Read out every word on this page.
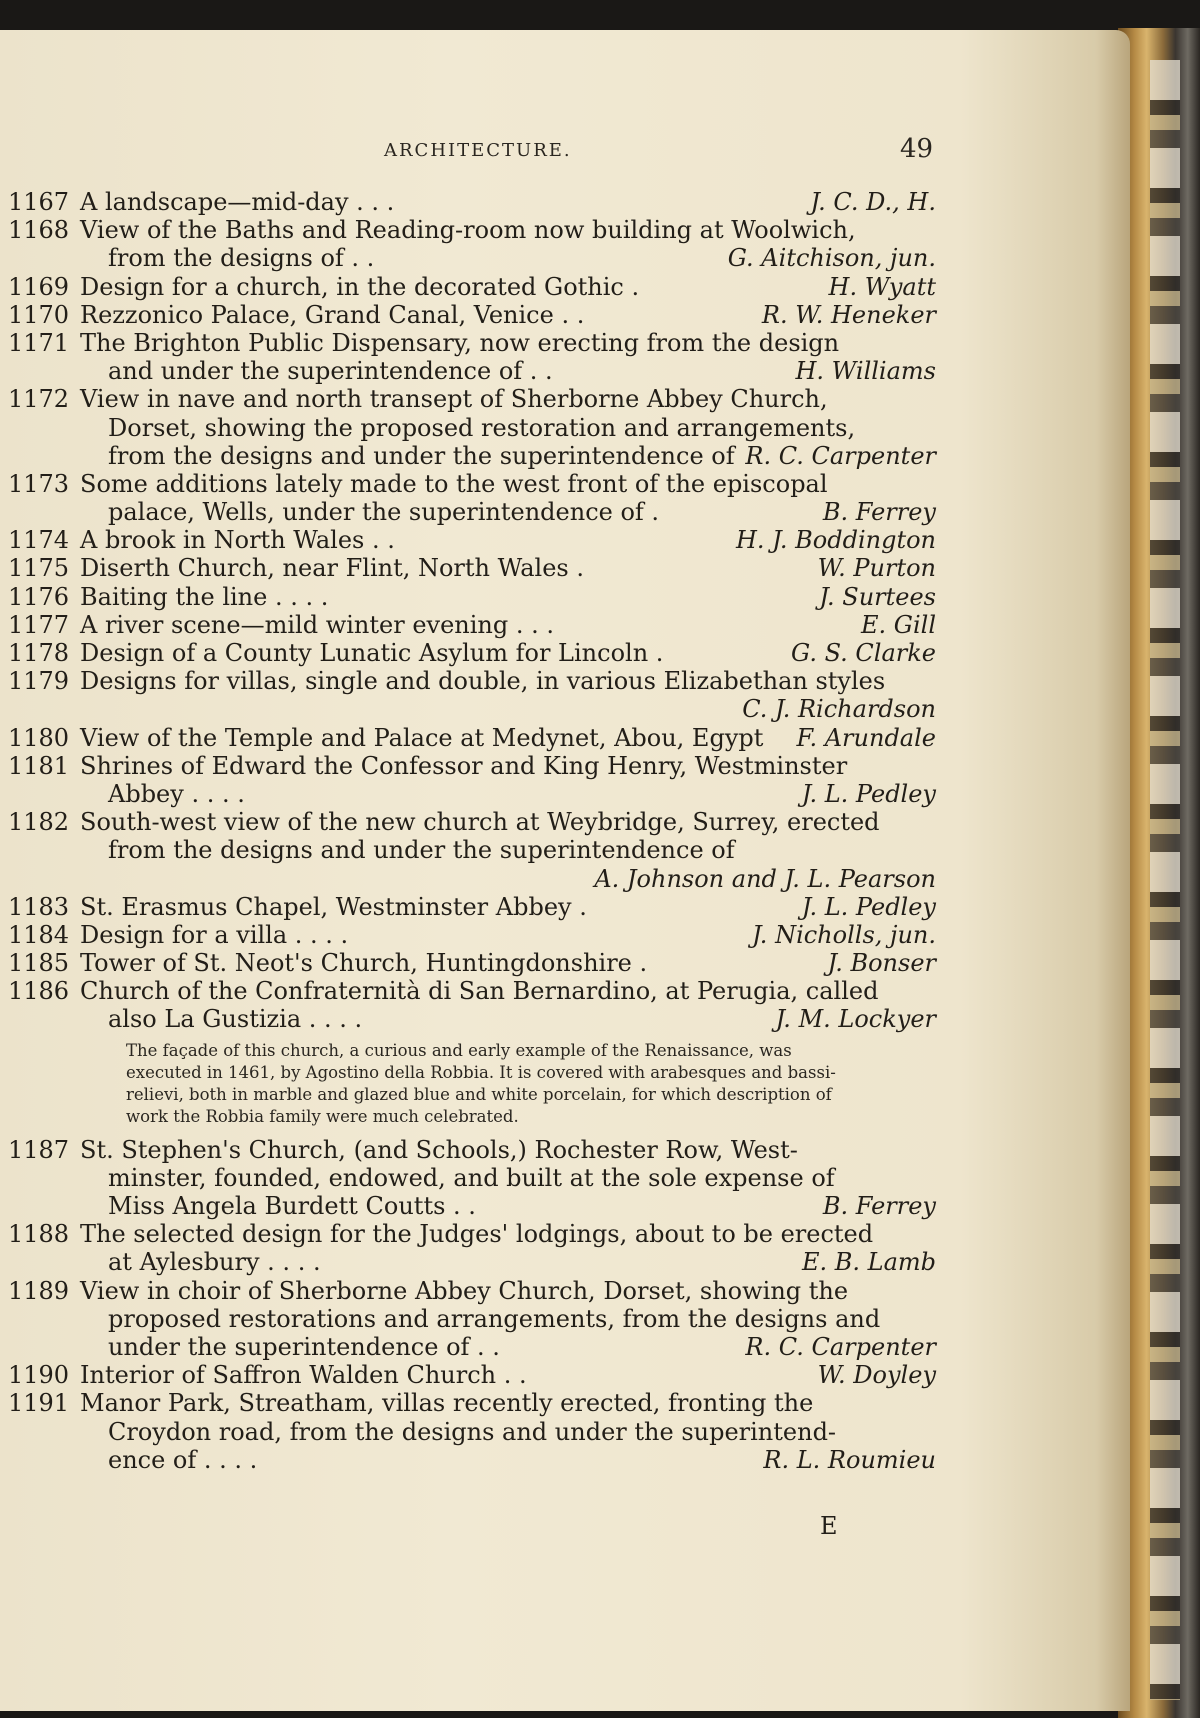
ARCHITECTURE.	49
1167 A landscape—mid-day . . .	J. C. D., H.
1168 View of the Baths and Reading-room now building at Woolwich,
from the designs of . .	G. Aitchison, jun.
1169 Design for a church, in the decorated Gothic .	H. Wyatt
1170 Rezzonico Palace, Grand Canal, Venice . .	R. W. Heneker
1171 The Brighton Public Dispensary, now erecting from the design
and under the superintendence of . .	H. Williams
1172 View in nave and north transept of Sherborne Abbey Church,
Dorset, showing the proposed restoration and arrangements,
from the designs and under the superintendence of R. C. Carpenter
1173 Some additions lately made to the west front of the episcopal
palace, Wells, under the superintendence of .	B. Ferrey
1174 A brook in North Wales . .	H. J. Boddington
1175 Diserth Church, near Flint, North Wales .	W. Purton
1176 Baiting the line . . . .	J. Surtees
1177 A river scene—mild winter evening . . .	E. Gill
1178 Design of a County Lunatic Asylum for Lincoln .	G. S. Clarke
1179 Designs for villas, single and double, in various Elizabethan styles
C. J. Richardson
1180 View of the Temple and Palace at Medynet, Abou, Egypt F. Arundale
1181 Shrines of Edward the Confessor and King Henry, Westminster
Abbey . . . .	J. L. Pedley
1182 South-west view of the new church at Weybridge, Surrey, erected
from the designs and under the superintendence of
A. Johnson and J. L. Pearson
1183 St. Erasmus Chapel, Westminster Abbey .	J. L. Pedley
1184 Design for a villa . . . .	J. Nicholls, jun.
1185 Tower of St. Neot's Church, Huntingdonshire .	J. Bonser
1186 Church of the Confraternità di San Bernardino, at Perugia, called
also La Gustizia . . . .	J. M. Lockyer
The façade of this church, a curious and early example of the Renaissance, was executed in 1461, by Agostino della Robbia. It is covered with arabesques and bassi-relievi, both in marble and glazed blue and white porcelain, for which description of work the Robbia family were much celebrated.
1187 St. Stephen's Church, (and Schools,) Rochester Row, West-
minster, founded, endowed, and built at the sole expense of
Miss Angela Burdett Coutts . .	B. Ferrey
1188 The selected design for the Judges' lodgings, about to be erected
at Aylesbury . . . .	E. B. Lamb
1189 View in choir of Sherborne Abbey Church, Dorset, showing the
proposed restorations and arrangements, from the designs and
under the superintendence of . .	R. C. Carpenter
1190 Interior of Saffron Walden Church . .	W. Doyley
1191 Manor Park, Streatham, villas recently erected, fronting the
Croydon road, from the designs and under the superintend-
ence of . . . .	R. L. Roumieu
E
